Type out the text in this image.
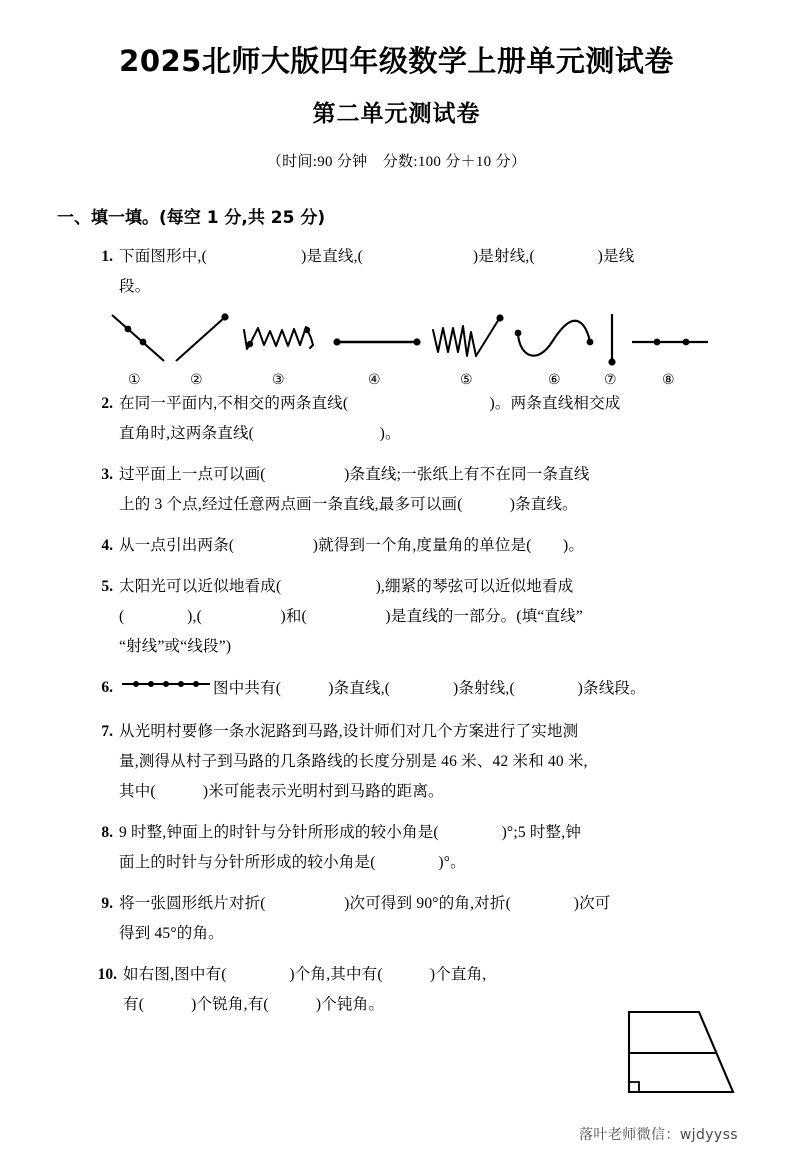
2025北师大版四年级数学上册单元测试卷
第二单元测试卷
（时间:90 分钟　分数:100 分＋10 分）
一、填一填。(每空 1 分,共 25 分)
1. 下面图形中,(　　　　　　)是直线,(　　　　　　　)是射线,(　　　　)是线
段。
①	②	③	④	⑤	⑥	⑦	⑧
2. 在同一平面内,不相交的两条直线(　　　　　　　　　)。两条直线相交成
直角时,这两条直线(　　　　　　　　)。
3. 过平面上一点可以画(　　　　　)条直线;一张纸上有不在同一条直线
上的 3 个点,经过任意两点画一条直线,最多可以画(　　　)条直线。
4. 从一点引出两条(　　　　　)就得到一个角,度量角的单位是(　　)。
5. 太阳光可以近似地看成(　　　　　　),绷紧的琴弦可以近似地看成
(　　　　),(　　　　　)和(　　　　　)是直线的一部分。(填“直线”
“射线”或“线段”)
6.	图中共有(　　　)条直线,(　　　　)条射线,(　　　　)条线段。
7. 从光明村要修一条水泥路到马路,设计师们对几个方案进行了实地测
量,测得从村子到马路的几条路线的长度分别是 46 米、42 米和 40 米,
其中(　　　)米可能表示光明村到马路的距离。
8. 9 时整,钟面上的时针与分针所形成的较小角是(　　　　)°;5 时整,钟
面上的时针与分针所形成的较小角是(　　　　)°。
9. 将一张圆形纸片对折(　　　　　)次可得到 90°的角,对折(　　　　)次可
得到 45°的角。
10. 如右图,图中有(　　　　)个角,其中有(　　　)个直角,
有(　　　)个锐角,有(　　　)个钝角。
落叶老师微信：wjdyyss
